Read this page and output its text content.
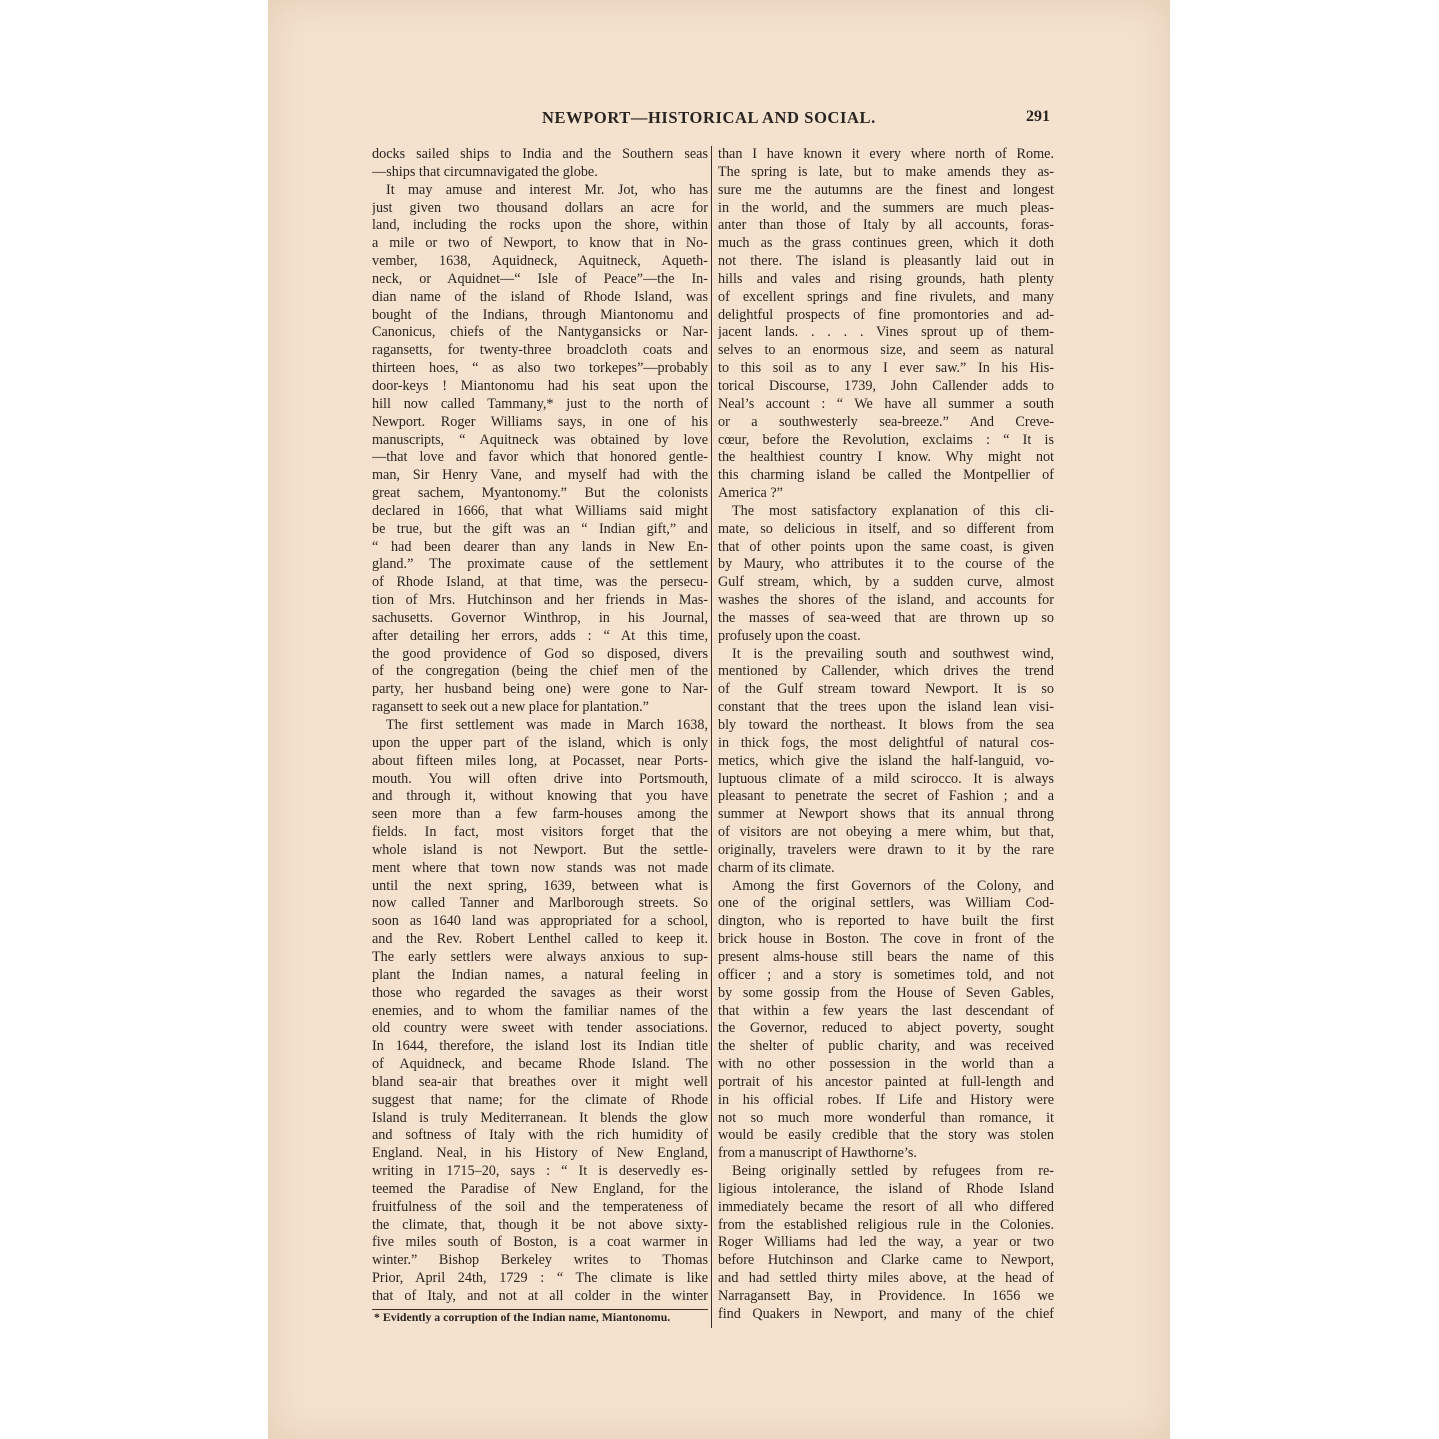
NEWPORT—HISTORICAL AND SOCIAL.	291
docks sailed ships to India and the Southern seas
—ships that circumnavigated the globe.
It may amuse and interest Mr. Jot, who has
just given two thousand dollars an acre for
land, including the rocks upon the shore, within
a mile or two of Newport, to know that in No-
vember, 1638, Aquidneck, Aquitneck, Aqueth-
neck, or Aquidnet—“ Isle of Peace”—the In-
dian name of the island of Rhode Island, was
bought of the Indians, through Miantonomu and
Canonicus, chiefs of the Nantygansicks or Nar-
ragansetts, for twenty-three broadcloth coats and
thirteen hoes, “ as also two torkepes”—probably
door-keys ! Miantonomu had his seat upon the
hill now called Tammany,* just to the north of
Newport. Roger Williams says, in one of his
manuscripts, “ Aquitneck was obtained by love
—that love and favor which that honored gentle-
man, Sir Henry Vane, and myself had with the
great sachem, Myantonomy.” But the colonists
declared in 1666, that what Williams said might
be true, but the gift was an “ Indian gift,” and
“ had been dearer than any lands in New En-
gland.” The proximate cause of the settlement
of Rhode Island, at that time, was the persecu-
tion of Mrs. Hutchinson and her friends in Mas-
sachusetts. Governor Winthrop, in his Journal,
after detailing her errors, adds : “ At this time,
the good providence of God so disposed, divers
of the congregation (being the chief men of the
party, her husband being one) were gone to Nar-
ragansett to seek out a new place for plantation.”
The first settlement was made in March 1638,
upon the upper part of the island, which is only
about fifteen miles long, at Pocasset, near Ports-
mouth. You will often drive into Portsmouth,
and through it, without knowing that you have
seen more than a few farm-houses among the
fields. In fact, most visitors forget that the
whole island is not Newport. But the settle-
ment where that town now stands was not made
until the next spring, 1639, between what is
now called Tanner and Marlborough streets. So
soon as 1640 land was appropriated for a school,
and the Rev. Robert Lenthel called to keep it.
The early settlers were always anxious to sup-
plant the Indian names, a natural feeling in
those who regarded the savages as their worst
enemies, and to whom the familiar names of the
old country were sweet with tender associations.
In 1644, therefore, the island lost its Indian title
of Aquidneck, and became Rhode Island. The
bland sea-air that breathes over it might well
suggest that name; for the climate of Rhode
Island is truly Mediterranean. It blends the glow
and softness of Italy with the rich humidity of
England. Neal, in his History of New England,
writing in 1715–20, says : “ It is deservedly es-
teemed the Paradise of New England, for the
fruitfulness of the soil and the temperateness of
the climate, that, though it be not above sixty-
five miles south of Boston, is a coat warmer in
winter.” Bishop Berkeley writes to Thomas
Prior, April 24th, 1729 : “ The climate is like
that of Italy, and not at all colder in the winter
than I have known it every where north of Rome.
The spring is late, but to make amends they as-
sure me the autumns are the finest and longest
in the world, and the summers are much pleas-
anter than those of Italy by all accounts, foras-
much as the grass continues green, which it doth
not there. The island is pleasantly laid out in
hills and vales and rising grounds, hath plenty
of excellent springs and fine rivulets, and many
delightful prospects of fine promontories and ad-
jacent lands. . . . . Vines sprout up of them-
selves to an enormous size, and seem as natural
to this soil as to any I ever saw.” In his His-
torical Discourse, 1739, John Callender adds to
Neal’s account : “ We have all summer a south
or a southwesterly sea-breeze.” And Creve-
cœur, before the Revolution, exclaims : “ It is
the healthiest country I know. Why might not
this charming island be called the Montpellier of
America ?”
The most satisfactory explanation of this cli-
mate, so delicious in itself, and so different from
that of other points upon the same coast, is given
by Maury, who attributes it to the course of the
Gulf stream, which, by a sudden curve, almost
washes the shores of the island, and accounts for
the masses of sea-weed that are thrown up so
profusely upon the coast.
It is the prevailing south and southwest wind,
mentioned by Callender, which drives the trend
of the Gulf stream toward Newport. It is so
constant that the trees upon the island lean visi-
bly toward the northeast. It blows from the sea
in thick fogs, the most delightful of natural cos-
metics, which give the island the half-languid, vo-
luptuous climate of a mild scirocco. It is always
pleasant to penetrate the secret of Fashion ; and a
summer at Newport shows that its annual throng
of visitors are not obeying a mere whim, but that,
originally, travelers were drawn to it by the rare
charm of its climate.
Among the first Governors of the Colony, and
one of the original settlers, was William Cod-
dington, who is reported to have built the first
brick house in Boston. The cove in front of the
present alms-house still bears the name of this
officer ; and a story is sometimes told, and not
by some gossip from the House of Seven Gables,
that within a few years the last descendant of
the Governor, reduced to abject poverty, sought
the shelter of public charity, and was received
with no other possession in the world than a
portrait of his ancestor painted at full-length and
in his official robes. If Life and History were
not so much more wonderful than romance, it
would be easily credible that the story was stolen
from a manuscript of Hawthorne’s.
Being originally settled by refugees from re-
ligious intolerance, the island of Rhode Island
immediately became the resort of all who differed
from the established religious rule in the Colonies.
Roger Williams had led the way, a year or two
before Hutchinson and Clarke came to Newport,
and had settled thirty miles above, at the head of
Narragansett Bay, in Providence. In 1656 we
find Quakers in Newport, and many of the chief
* Evidently a corruption of the Indian name, Miantonomu.
